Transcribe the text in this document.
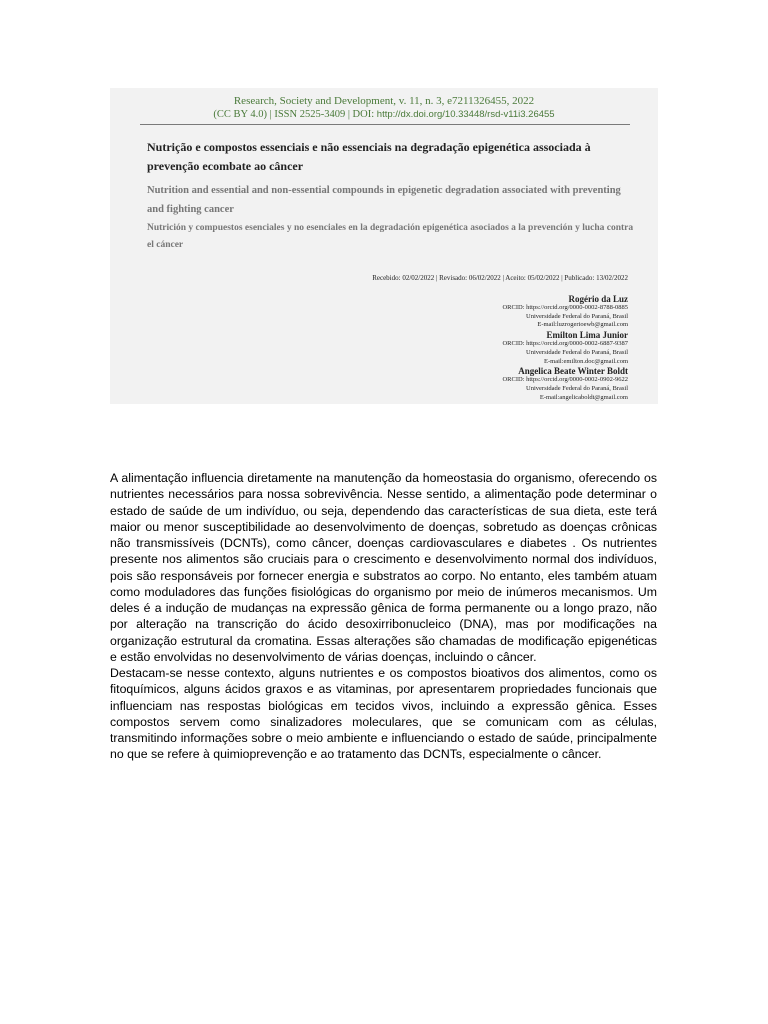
Research, Society and Development, v. 11, n. 3, e7211326455, 2022
(CC BY 4.0) | ISSN 2525-3409 | DOI: http://dx.doi.org/10.33448/rsd-v11i3.26455
Nutrição e compostos essenciais e não essenciais na degradação epigenética associada à prevenção ecombate ao câncer
Nutrition and essential and non-essential compounds in epigenetic degradation associated with preventing and fighting cancer
Nutrición y compuestos esenciales y no esenciales en la degradación epigenética asociados a la prevención y lucha contra el cáncer
Recebido: 02/02/2022 | Revisado: 06/02/2022 | Aceito: 05/02/2022 | Publicado: 13/02/2022
Rogério da Luz
ORCID: https://orcid.org/0000-0002-8788-0885
Universidade Federal do Paraná, Brasil
E-mail:luzrogerioewb@gmail.com
Emilton Lima Junior
ORCID: https://orcid.org/0000-0002-6887-9387
Universidade Federal do Paraná, Brasil
E-mail:emilton.doc@gmail.com
Angelica Beate Winter Boldt
ORCID: https://orcid.org/0000-0002-0902-9622
Universidade Federal do Paraná, Brasil
E-mail:angelicaboldt@gmail.com

A alimentação influencia diretamente na manutenção da homeostasia do organismo, oferecendo os nutrientes necessários para nossa sobrevivência. Nesse sentido, a alimentação pode determinar o estado de saúde de um indivíduo, ou seja, dependendo das características de sua dieta, este terá maior ou menor susceptibilidade ao desenvolvimento de doenças, sobretudo as doenças crônicas não transmissíveis (DCNTs), como câncer, doenças cardiovasculares e diabetes . Os nutrientes presente nos alimentos são cruciais para o crescimento e desenvolvimento normal dos indivíduos, pois são responsáveis por fornecer energia e substratos ao corpo. No entanto, eles também atuam como moduladores das funções fisiológicas do organismo por meio de inúmeros mecanismos. Um deles é a indução de mudanças na expressão gênica de forma permanente ou a longo prazo, não por alteração na transcrição do ácido desoxirribonucleico (DNA), mas por modificações na organização estrutural da cromatina. Essas alterações são chamadas de modificação epigenéticas e estão envolvidas no desenvolvimento de várias doenças, incluindo o câncer.

Destacam-se nesse contexto, alguns nutrientes e os compostos bioativos dos alimentos, como os fitoquímicos, alguns ácidos graxos e as vitaminas, por apresentarem propriedades funcionais que influenciam nas respostas biológicas em tecidos vivos, incluindo a expressão gênica. Esses compostos servem como sinalizadores moleculares, que se comunicam com as células, transmitindo informações sobre o meio ambiente e influenciando o estado de saúde, principalmente no que se refere à quimioprevenção e ao tratamento das DCNTs, especialmente o câncer.
